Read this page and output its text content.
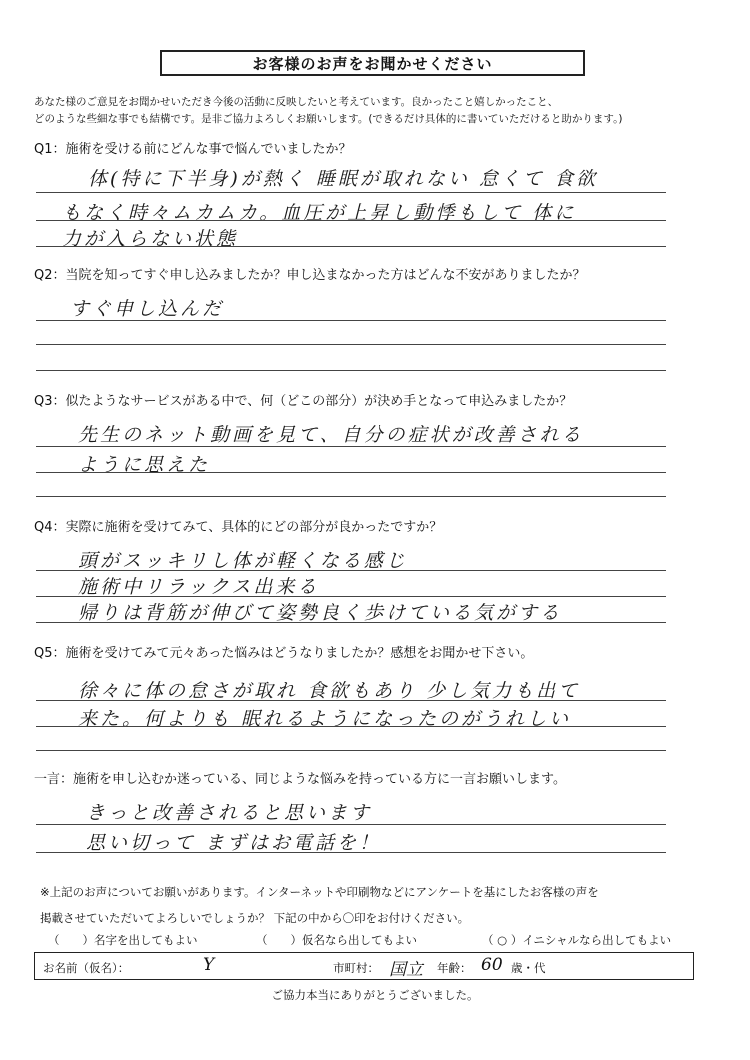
お客様のお声をお聞かせください
あなた様のご意見をお聞かせいただき今後の活動に反映したいと考えています。良かったこと嬉しかったこと、
どのような些細な事でも結構です。是非ご協力よろしくお願いします。(できるだけ具体的に書いていただけると助かります。)
Q1：施術を受ける前にどんな事で悩んでいましたか？
体(特に下半身)が熱く 睡眠が取れない 怠くて 食欲
もなく時々ムカムカ。血圧が上昇し動悸もして 体に
力が入らない状態
Q2：当院を知ってすぐ申し込みましたか？申し込まなかった方はどんな不安がありましたか？
すぐ申し込んだ
Q3：似たようなサービスがある中で、何（どこの部分）が決め手となって申込みましたか？
先生のネット動画を見て、自分の症状が改善される
ように思えた
Q4：実際に施術を受けてみて、具体的にどの部分が良かったですか？
頭がスッキリし体が軽くなる感じ
施術中リラックス出来る
帰りは背筋が伸びて姿勢良く歩けている気がする
Q5：施術を受けてみて元々あった悩みはどうなりましたか？感想をお聞かせ下さい。
徐々に体の怠さが取れ 食欲もあり 少し気力も出て
来た。何よりも 眠れるようになったのがうれしい
一言：施術を申し込むか迷っている、同じような悩みを持っている方に一言お願いします。
きっと改善されると思います
思い切って まずはお電話を！
※上記のお声についてお願いがあります。インターネットや印刷物などにアンケートを基にしたお客様の声を
掲載させていただいてよろしいでしょうか？ 下記の中から〇印をお付けください。
（　　）名字を出してもよい	（　　）仮名なら出してもよい	（ ○ ）イニシャルなら出してもよい
お名前（仮名）：	Y	市町村： 国立 年齢： 60 歳・代
ご協力本当にありがとうございました。
